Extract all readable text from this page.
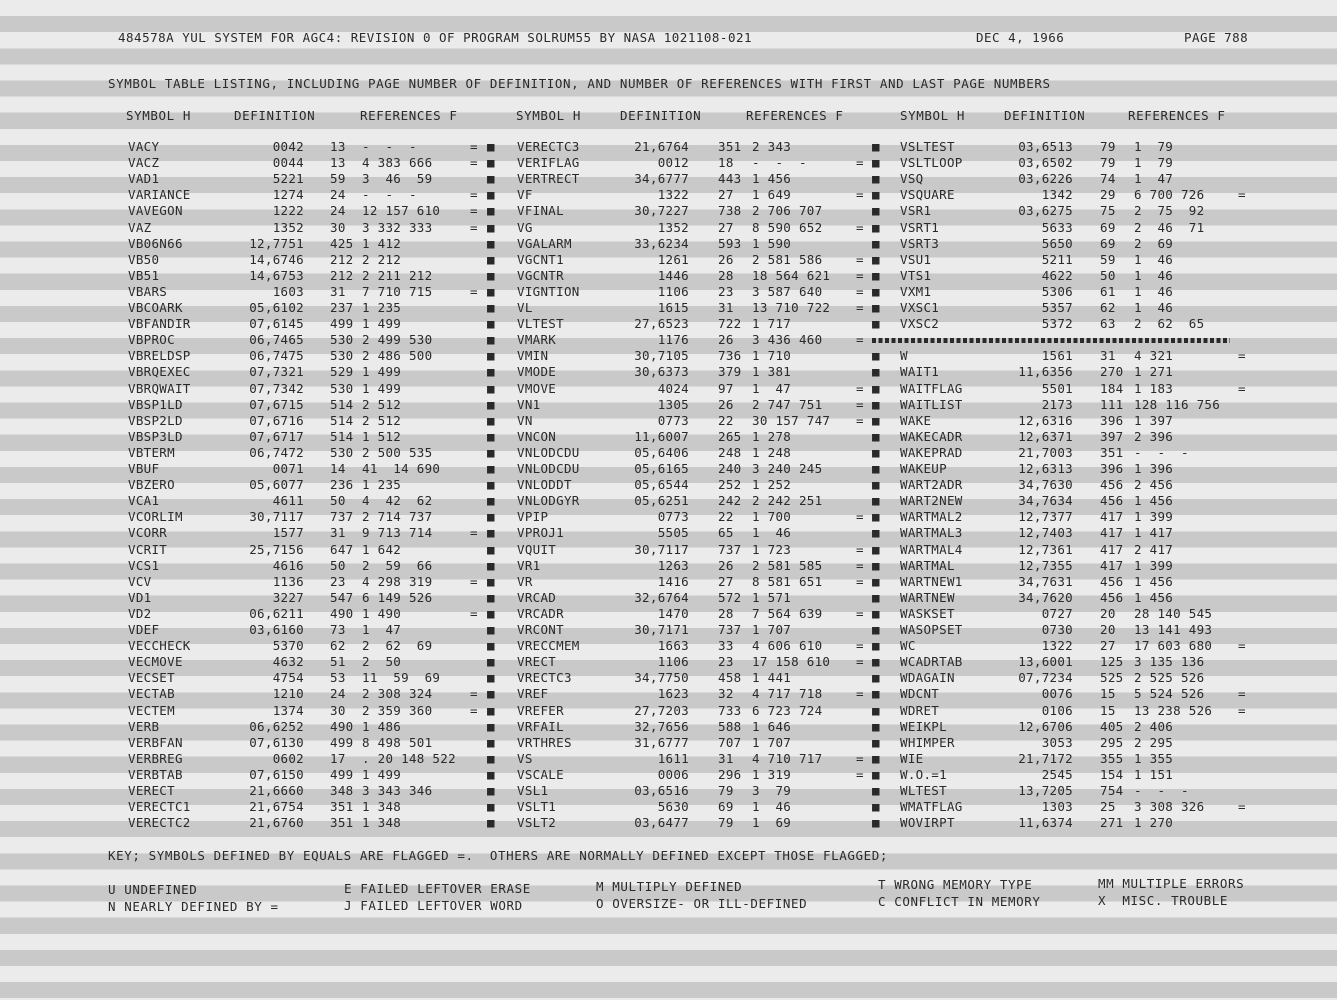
484578A YUL SYSTEM FOR AGC4: REVISION 0 OF PROGRAM SOLRUM55 BY NASA 1021108-021	DEC 4, 1966	PAGE 788
SYMBOL TABLE LISTING, INCLUDING PAGE NUMBER OF DEFINITION, AND NUMBER OF REFERENCES WITH FIRST AND LAST PAGE NUMBERS
SYMBOL H	DEFINITION	REFERENCES F	SYMBOL H	DEFINITION	REFERENCES F	SYMBOL H	DEFINITION	REFERENCES F
VACY	0042 13 -  -  -	= ■
VACZ	0044 13 4 383 666	= ■
VAD1	5221 59 3  46  59	■
VARIANCE	1274 24 -  -  -	= ■
VAVEGON	1222 24 12 157 610 = ■
VAZ	1352 30 3 332 333	= ■
VB06N66	12,7751 425 1 412	■
VB50	14,6746 212 2 212	■
VB51	14,6753 212 2 211 212	■
VBARS	1603 31 7 710 715	= ■
VBCOARK	05,6102 237 1 235	■
VBFANDIR	07,6145 499 1 499	■
VBPROC	06,7465 530 2 499 530	■
VBRELDSP	06,7475 530 2 486 500	■
VBRQEXEC	07,7321 529 1 499	■
VBRQWAIT	07,7342 530 1 499	■
VBSP1LD	07,6715 514 2 512	■
VBSP2LD	07,6716 514 2 512	■
VBSP3LD	07,6717 514 1 512	■
VBTERM	06,7472 530 2 500 535	■
VBUF	0071 14 41  14 690	■
VBZERO	05,6077 236 1 235	■
VCA1	4611 50 4  42  62	■
VCORLIM	30,7117 737 2 714 737	■
VCORR	1577 31 9 713 714	= ■
VCRIT	25,7156 647 1 642	■
VCS1	4616 50 2  59  66	■
VCV	1136 23 4 298 319	= ■
VD1	3227 547 6 149 526	■
VD2	06,6211 490 1 490	= ■
VDEF	03,6160 73 1  47	■
VECCHECK	5370 62 2  62  69	■
VECMOVE	4632 51 2  50	■
VECSET	4754 53 11  59  69	■
VECTAB	1210 24 2 308 324	= ■
VECTEM	1374 30 2 359 360	= ■
VERB	06,6252 490 1 486	■
VERBFAN	07,6130 499 8 498 501	■
VERBREG	0602 17 . 20 148 522 ■
VERBTAB	07,6150 499 1 499	■
VERECT	21,6660 348 3 343 346	■
VERECTC1	21,6754 351 1 348	■
VERECTC2	21,6760 351 1 348	■
VERECTC3	21,6764 351 2 343	■
VERIFLAG	0012 18 -  -  -	= ■
VERTRECT	34,6777 443 1 456	■
VF	1322 27 1 649	= ■
VFINAL	30,7227 738 2 706 707	■
VG	1352 27 8 590 652	= ■
VGALARM	33,6234 593 1 590	■
VGCNT1	1261 26 2 581 586	= ■
VGCNTR	1446 28 18 564 621 = ■
VIGNTION	1106 23 3 587 640	= ■
VL	1615 31 13 710 722 = ■
VLTEST	27,6523 722 1 717	■
VMARK	1176 26 3 436 460	=
VMIN	30,7105 736 1 710	■
VMODE	30,6373 379 1 381	■
VMOVE	4024 97 1  47	= ■
VN1	1305 26 2 747 751	= ■
VN	0773 22 30 157 747 = ■
VNCON	11,6007 265 1 278	■
VNLODCDU	05,6406 248 1 248	■
VNLODCDU	05,6165 240 3 240 245	■
VNLODDT	05,6544 252 1 252	■
VNLODGYR	05,6251 242 2 242 251	■
VPIP	0773 22 1 700	= ■
VPROJ1	5505 65 1  46	■
VQUIT	30,7117 737 1 723	= ■
VR1	1263 26 2 581 585	= ■
VR	1416 27 8 581 651	= ■
VRCAD	32,6764 572 1 571	■
VRCADR	1470 28 7 564 639	= ■
VRCONT	30,7171 737 1 707	■
VRECCMEM	1663 33 4 606 610	= ■
VRECT	1106 23 17 158 610 = ■
VRECTC3	34,7750 458 1 441	■
VREF	1623 32 4 717 718	= ■
VREFER	27,7203 733 6 723 724	■
VRFAIL	32,7656 588 1 646	■
VRTHRES	31,6777 707 1 707	■
VS	1611 31 4 710 717	= ■
VSCALE	0006 296 1 319	= ■
VSL1	03,6516 79 3  79	■
VSLT1	5630 69 1  46	■
VSLT2	03,6477 79 1  69	■
VSLTEST	03,6513 79 1  79
VSLTLOOP	03,6502 79 1  79
VSQ	03,6226 74 1  47
VSQUARE	1342 29 6 700 726	=
VSR1	03,6275 75 2  75  92
VSRT1	5633 69 2  46  71
VSRT3	5650 69 2  69
VSU1	5211 59 1  46
VTS1	4622 50 1  46
VXM1	5306 61 1  46
VXSC1	5357 62 1  46
VXSC2	5372 63 2  62  65
W	1561 31 4 321	=
WAIT1	11,6356 270 1 271
WAITFLAG	5501 184 1 183	=
WAITLIST	2173 111 128 116 756
WAKE	12,6316 396 1 397
WAKECADR	12,6371 397 2 396
WAKEPRAD	21,7003 351 -  -  -
WAKEUP	12,6313 396 1 396
WART2ADR	34,7630 456 2 456
WART2NEW	34,7634 456 1 456
WARTMAL2	12,7377 417 1 399
WARTMAL3	12,7403 417 1 417
WARTMAL4	12,7361 417 2 417
WARTMAL	12,7355 417 1 399
WARTNEW1	34,7631 456 1 456
WARTNEW	34,7620 456 1 456
WASKSET	0727 20 28 140 545
WASOPSET	0730 20 13 141 493
WC	1322 27 17 603 680 =
WCADRTAB	13,6001 125 3 135 136
WDAGAIN	07,7234 525 2 525 526
WDCNT	0076 15 5 524 526	=
WDRET	0106 15 13 238 526 =
WEIKPL	12,6706 405 2 406
WHIMPER	3053 295 2 295
WIE	21,7172 355 1 355
W.O.=1	2545 154 1 151
WLTEST	13,7205 754 -  -  -
WMATFLAG	1303 25 3 308 326	=
WOVIRPT	11,6374 271 1 270
KEY; SYMBOLS DEFINED BY EQUALS ARE FLAGGED =.  OTHERS ARE NORMALLY DEFINED EXCEPT THOSE FLAGGED;
U UNDEFINED	E FAILED LEFTOVER ERASE	M MULTIPLY DEFINED	T WRONG MEMORY TYPE	MM MULTIPLE ERRORS
N NEARLY DEFINED BY =	J FAILED LEFTOVER WORD	O OVERSIZE- OR ILL-DEFINED	C CONFLICT IN MEMORY	X  MISC. TROUBLE
